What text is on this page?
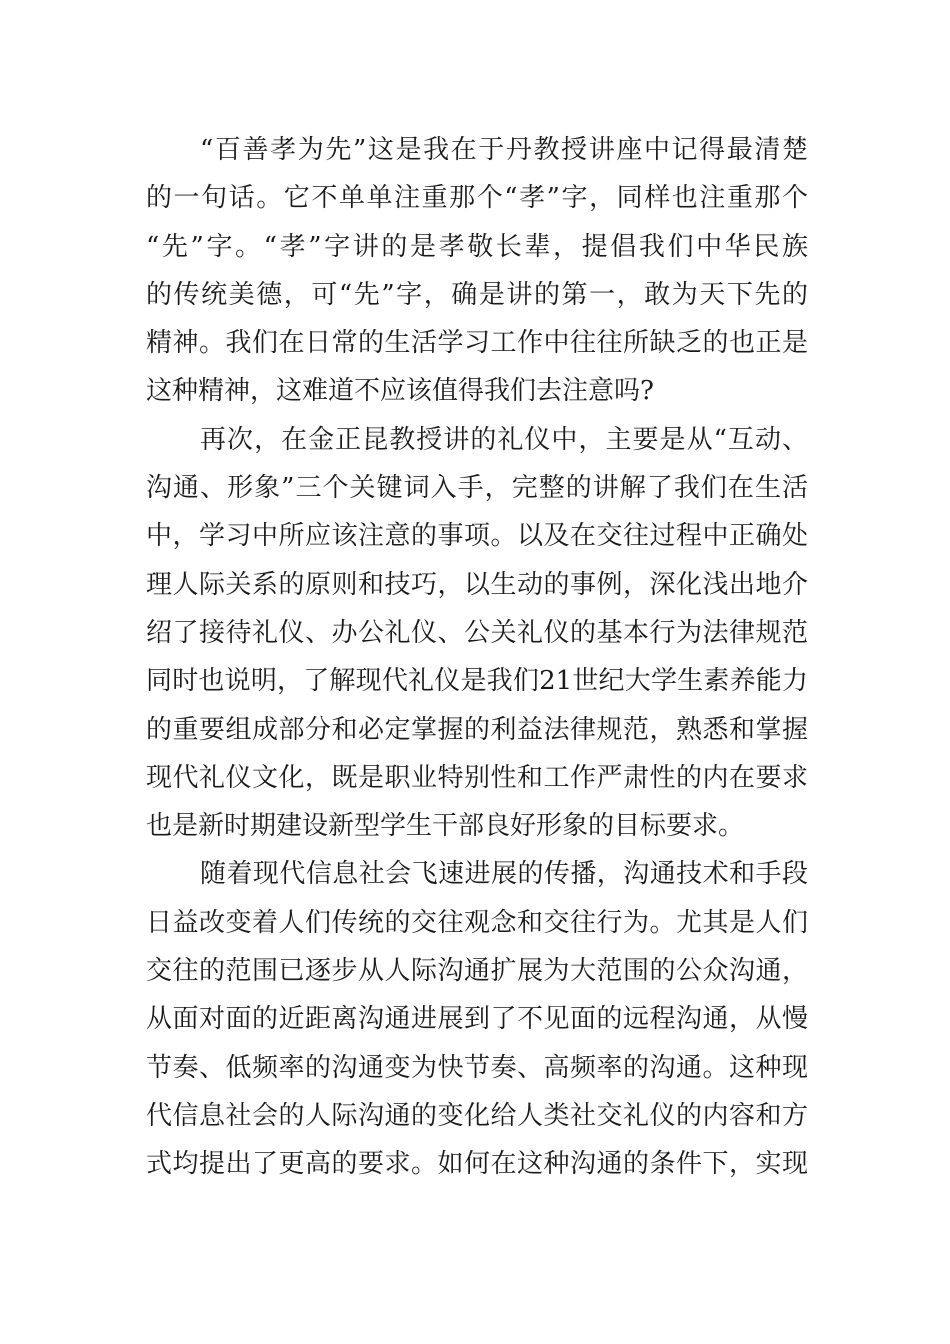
“百善孝为先”这是我在于丹教授讲座中记得最清楚
的一句话。它不单单注重那个“孝”字，同样也注重那个
“先”字。“孝”字讲的是孝敬长辈，提倡我们中华民族
的传统美德，可“先”字，确是讲的第一，敢为天下先的
精神。我们在日常的生活学习工作中往往所缺乏的也正是
这种精神，这难道不应该值得我们去注意吗?
再次，在金正昆教授讲的礼仪中，主要是从“互动、
沟通、形象”三个关键词入手，完整的讲解了我们在生活
中，学习中所应该注意的事项。以及在交往过程中正确处
理人际关系的原则和技巧，以生动的事例，深化浅出地介
绍了接待礼仪、办公礼仪、公关礼仪的基本行为法律规范
同时也说明，了解现代礼仪是我们21世纪大学生素养能力
的重要组成部分和必定掌握的利益法律规范，熟悉和掌握
现代礼仪文化，既是职业特别性和工作严肃性的内在要求
也是新时期建设新型学生干部良好形象的目标要求。
随着现代信息社会飞速进展的传播，沟通技术和手段
日益改变着人们传统的交往观念和交往行为。尤其是人们
交往的范围已逐步从人际沟通扩展为大范围的公众沟通，
从面对面的近距离沟通进展到了不见面的远程沟通，从慢
节奏、低频率的沟通变为快节奏、高频率的沟通。这种现
代信息社会的人际沟通的变化给人类社交礼仪的内容和方
式均提出了更高的要求。如何在这种沟通的条件下，实现
